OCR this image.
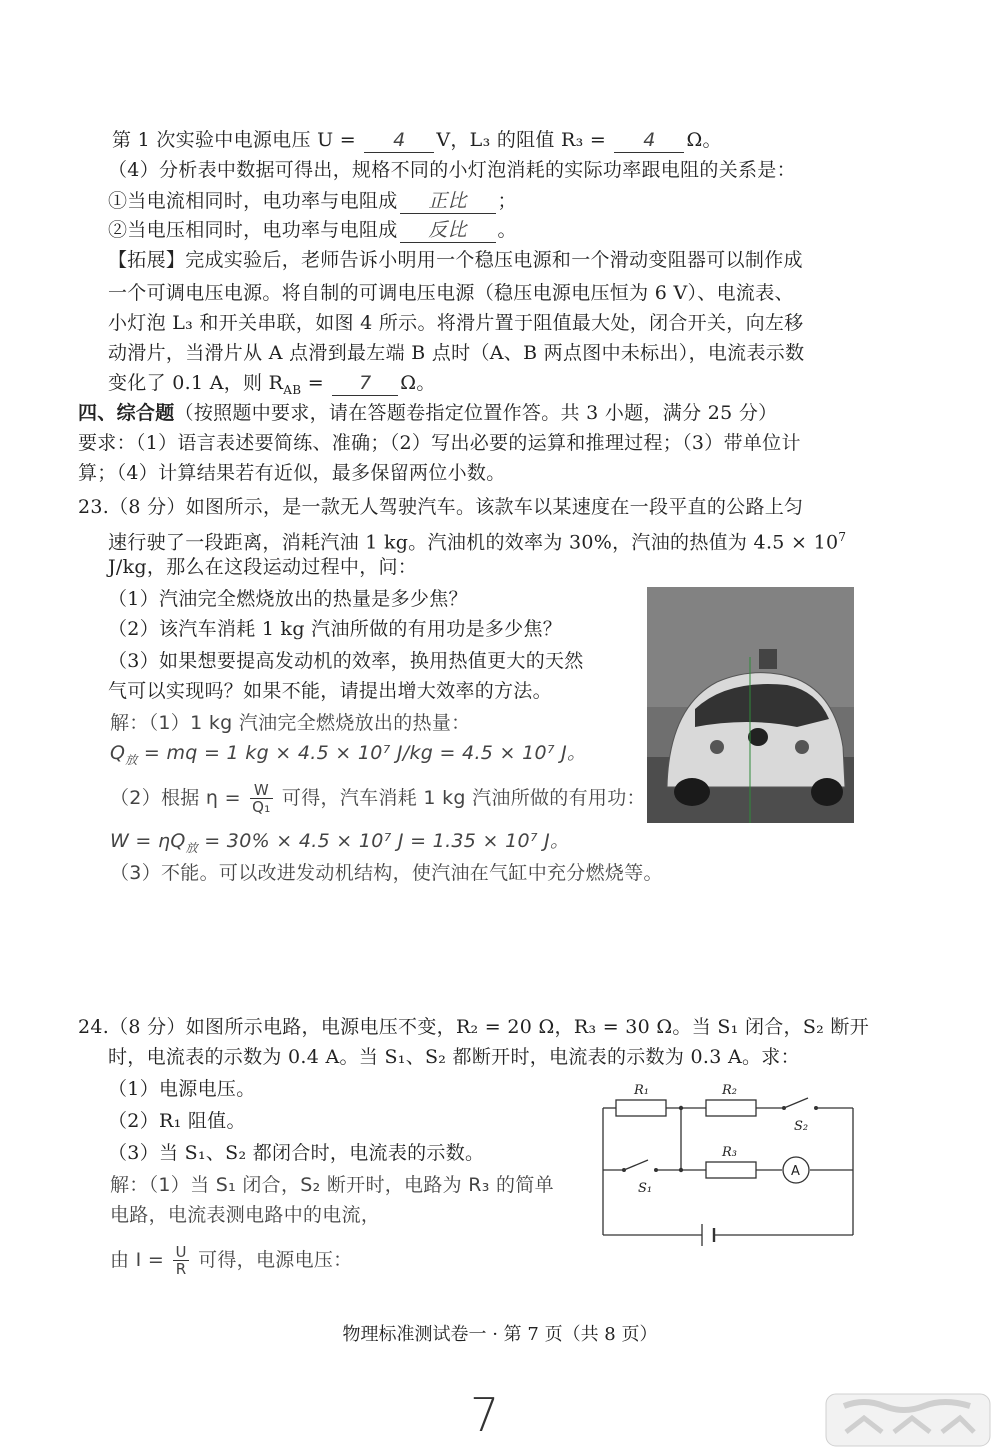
第 1 次实验中电源电压 U = 4 V，L₃ 的阻值 R₃ = 4 Ω。
（4）分析表中数据可得出，规格不同的小灯泡消耗的实际功率跟电阻的关系是：
①当电流相同时，电功率与电阻成 正比 ；
②当电压相同时，电功率与电阻成 反比 。
【拓展】完成实验后，老师告诉小明用一个稳压电源和一个滑动变阻器可以制作成
一个可调电压电源。将自制的可调电压电源（稳压电源电压恒为 6 V）、电流表、
小灯泡 L₃ 和开关串联，如图 4 所示。将滑片置于阻值最大处，闭合开关，向左移
动滑片，当滑片从 A 点滑到最左端 B 点时（A、B 两点图中未标出），电流表示数
变化了 0.1 A，则 $R_{AB} = 7$ Ω。
四、综合题（按照题中要求，请在答题卷指定位置作答。共 3 小题，满分 25 分）
要求：（1）语言表述要简练、准确；（2）写出必要的运算和推理过程；（3）带单位计
算；（4）计算结果若有近似，最多保留两位小数。
23.（8 分）如图所示，是一款无人驾驶汽车。该款车以某速度在一段平直的公路上匀
速行驶了一段距离，消耗汽油 1 kg。汽油机的效率为 30%，汽油的热值为 $4.5 \times 10^7$
J/kg，那么在这段运动过程中，问：
（1）汽油完全燃烧放出的热量是多少焦？
（2）该汽车消耗 1 kg 汽油所做的有用功是多少焦？
（3）如果想要提高发动机的效率，换用热值更大的天然
气可以实现吗？如果不能，请提出增大效率的方法。
解：（1）1 kg 汽油完全燃烧放出的热量：
$Q_放$ = mq = 1 kg × 4.5 × 10⁷ J/kg = 4.5 × 10⁷ J。
（2）根据 $\eta = \frac{W}{\text{Q₁}}$ 可得，汽车消耗 1 kg 汽油所做的有用功：
$W = \eta Q_放 = 30\% \times 4.5 \times 10^7$ J = 1.35 × 10⁷ J。
（3）不能。可以改进发动机结构，使汽油在气缸中充分燃烧等。
24.（8 分）如图所示电路，电源电压不变，R₂ = 20 Ω，R₃ = 30 Ω。当 S₁ 闭合，S₂ 断开
时，电流表的示数为 0.4 A。当 S₁、S₂ 都断开时，电流表的示数为 0.3 A。求：
（1）电源电压。
（2）R₁ 阻值。
（3）当 S₁、S₂ 都闭合时，电流表的示数。
解：（1）当 S₁ 闭合，S₂ 断开时，电路为 R₃ 的简单
电路，电流表测电路中的电流，
由 $I = \frac{U}{R}$ 可得，电源电压：
R₁	R₂
R₃
S₂
S₁
A
物理标准测试卷一 · 第 7 页（共 8 页）
7
